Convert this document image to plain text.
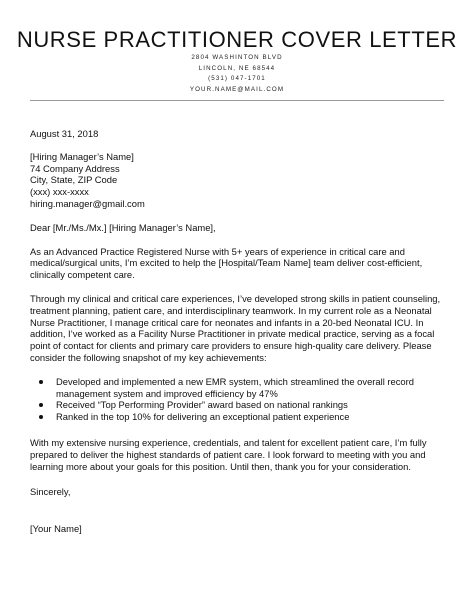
NURSE PRACTITIONER COVER LETTER
2804 WASHINTON BLVD
LINCOLN, NE 68544
(531) 047-1701
YOUR.NAME@MAIL.COM
August 31, 2018
[Hiring Manager’s Name]
74 Company Address
City, State, ZIP Code
(xxx) xxx-xxxx
hiring.manager@gmail.com
Dear [Mr./Ms./Mx.] [Hiring Manager’s Name],
As an Advanced Practice Registered Nurse with 5+ years of experience in critical care and
medical/surgical units, I’m excited to help the [Hospital/Team Name] team deliver cost-efficient,
clinically competent care.
Through my clinical and critical care experiences, I’ve developed strong skills in patient counseling,
treatment planning, patient care, and interdisciplinary teamwork. In my current role as a Neonatal
Nurse Practitioner, I manage critical care for neonates and infants in a 20-bed Neonatal ICU. In
addition, I’ve worked as a Facility Nurse Practitioner in private medical practice, serving as a focal
point of contact for clients and primary care providers to ensure high-quality care delivery. Please
consider the following snapshot of my key achievements:
Developed and implemented a new EMR system, which streamlined the overall record
management system and improved efficiency by 47%
Received “Top Performing Provider” award based on national rankings
Ranked in the top 10% for delivering an exceptional patient experience
With my extensive nursing experience, credentials, and talent for excellent patient care, I’m fully
prepared to deliver the highest standards of patient care. I look forward to meeting with you and
learning more about your goals for this position. Until then, thank you for your consideration.
Sincerely,
[Your Name]
